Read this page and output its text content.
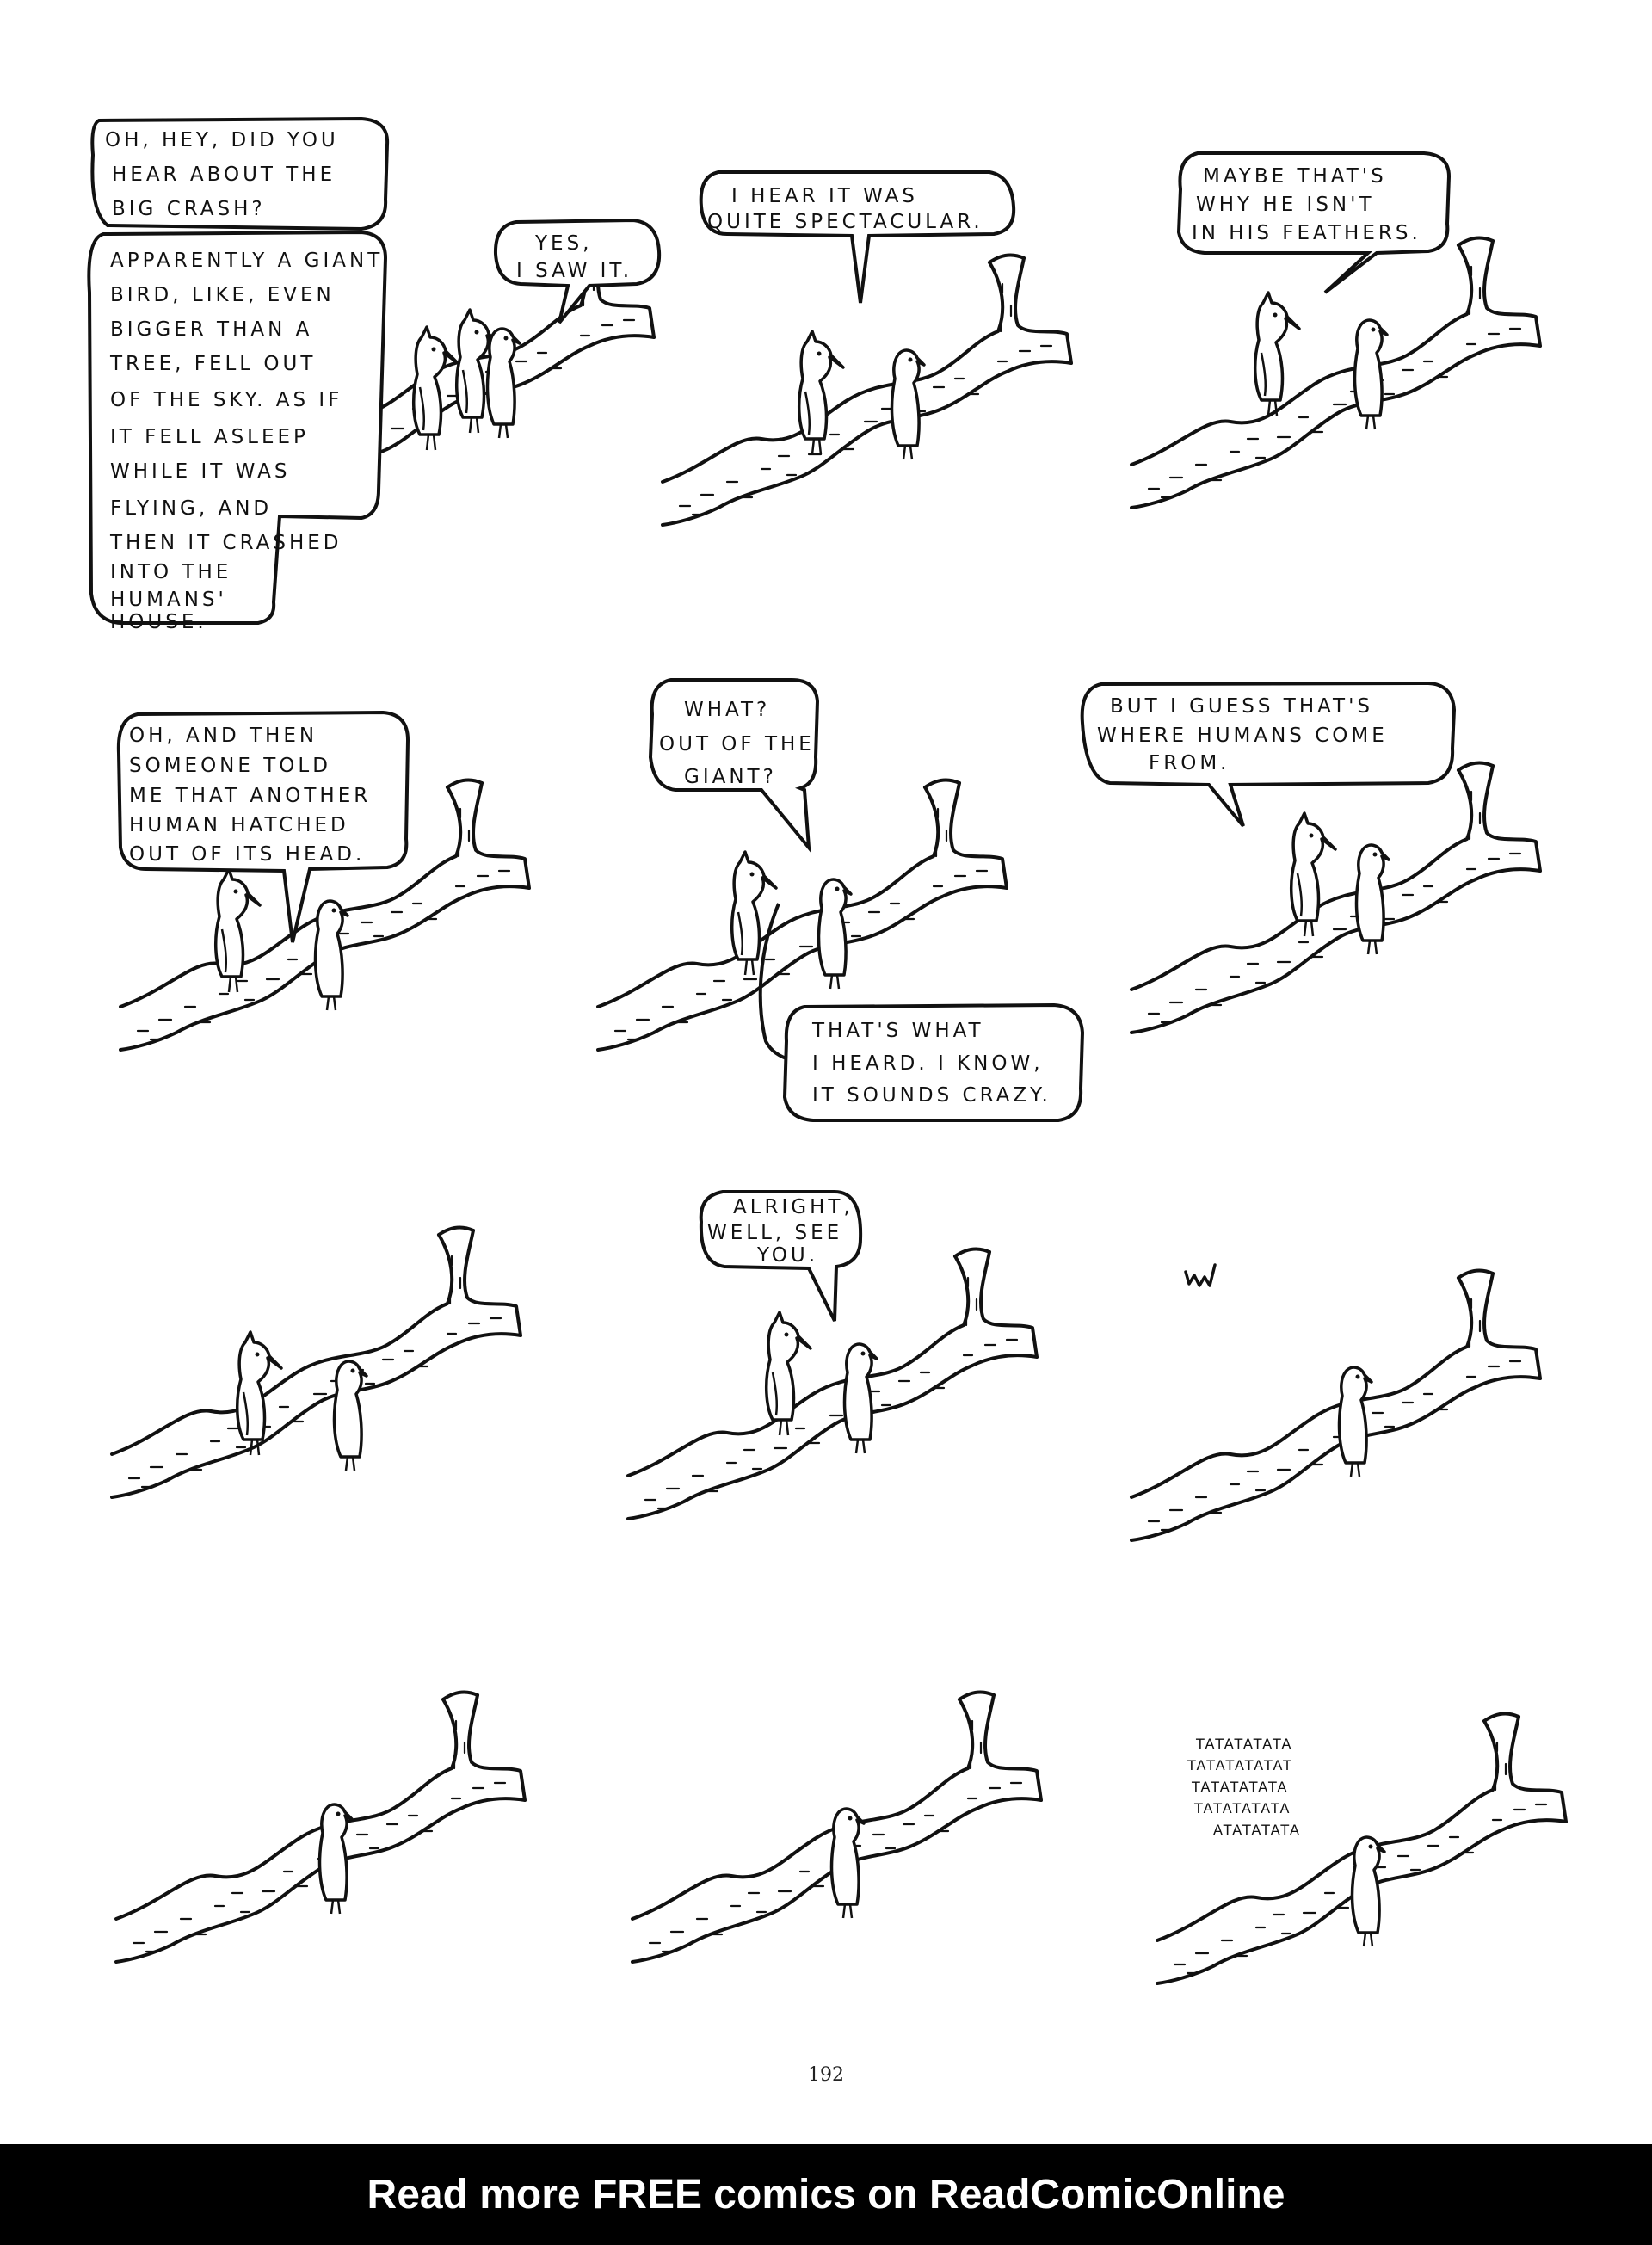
OH, HEY, DID YOU
HEAR ABOUT THE
BIG CRASH?
APPARENTLY A GIANT
BIRD, LIKE, EVEN
BIGGER THAN A
TREE, FELL OUT
OF THE SKY. AS IF
IT FELL ASLEEP
WHILE IT WAS
FLYING, AND
THEN IT CRASHED
INTO THE
HUMANS'
HOUSE.
YES,
I SAW IT.
I HEAR IT WAS
QUITE SPECTACULAR.
MAYBE THAT'S
WHY HE ISN'T
IN HIS FEATHERS.
OH, AND THEN
SOMEONE TOLD
ME THAT ANOTHER
HUMAN HATCHED
OUT OF ITS HEAD.
WHAT?
OUT OF THE
GIANT?
THAT'S WHAT
I HEARD. I KNOW,
IT SOUNDS CRAZY.
BUT I GUESS THAT'S
WHERE HUMANS COME
FROM.
ALRIGHT,
WELL, SEE
YOU.
TATATATATA
TATATATATAT
TATATATATA
TATATATATA
ATATATATA
192
Read more FREE comics on ReadComicOnline
